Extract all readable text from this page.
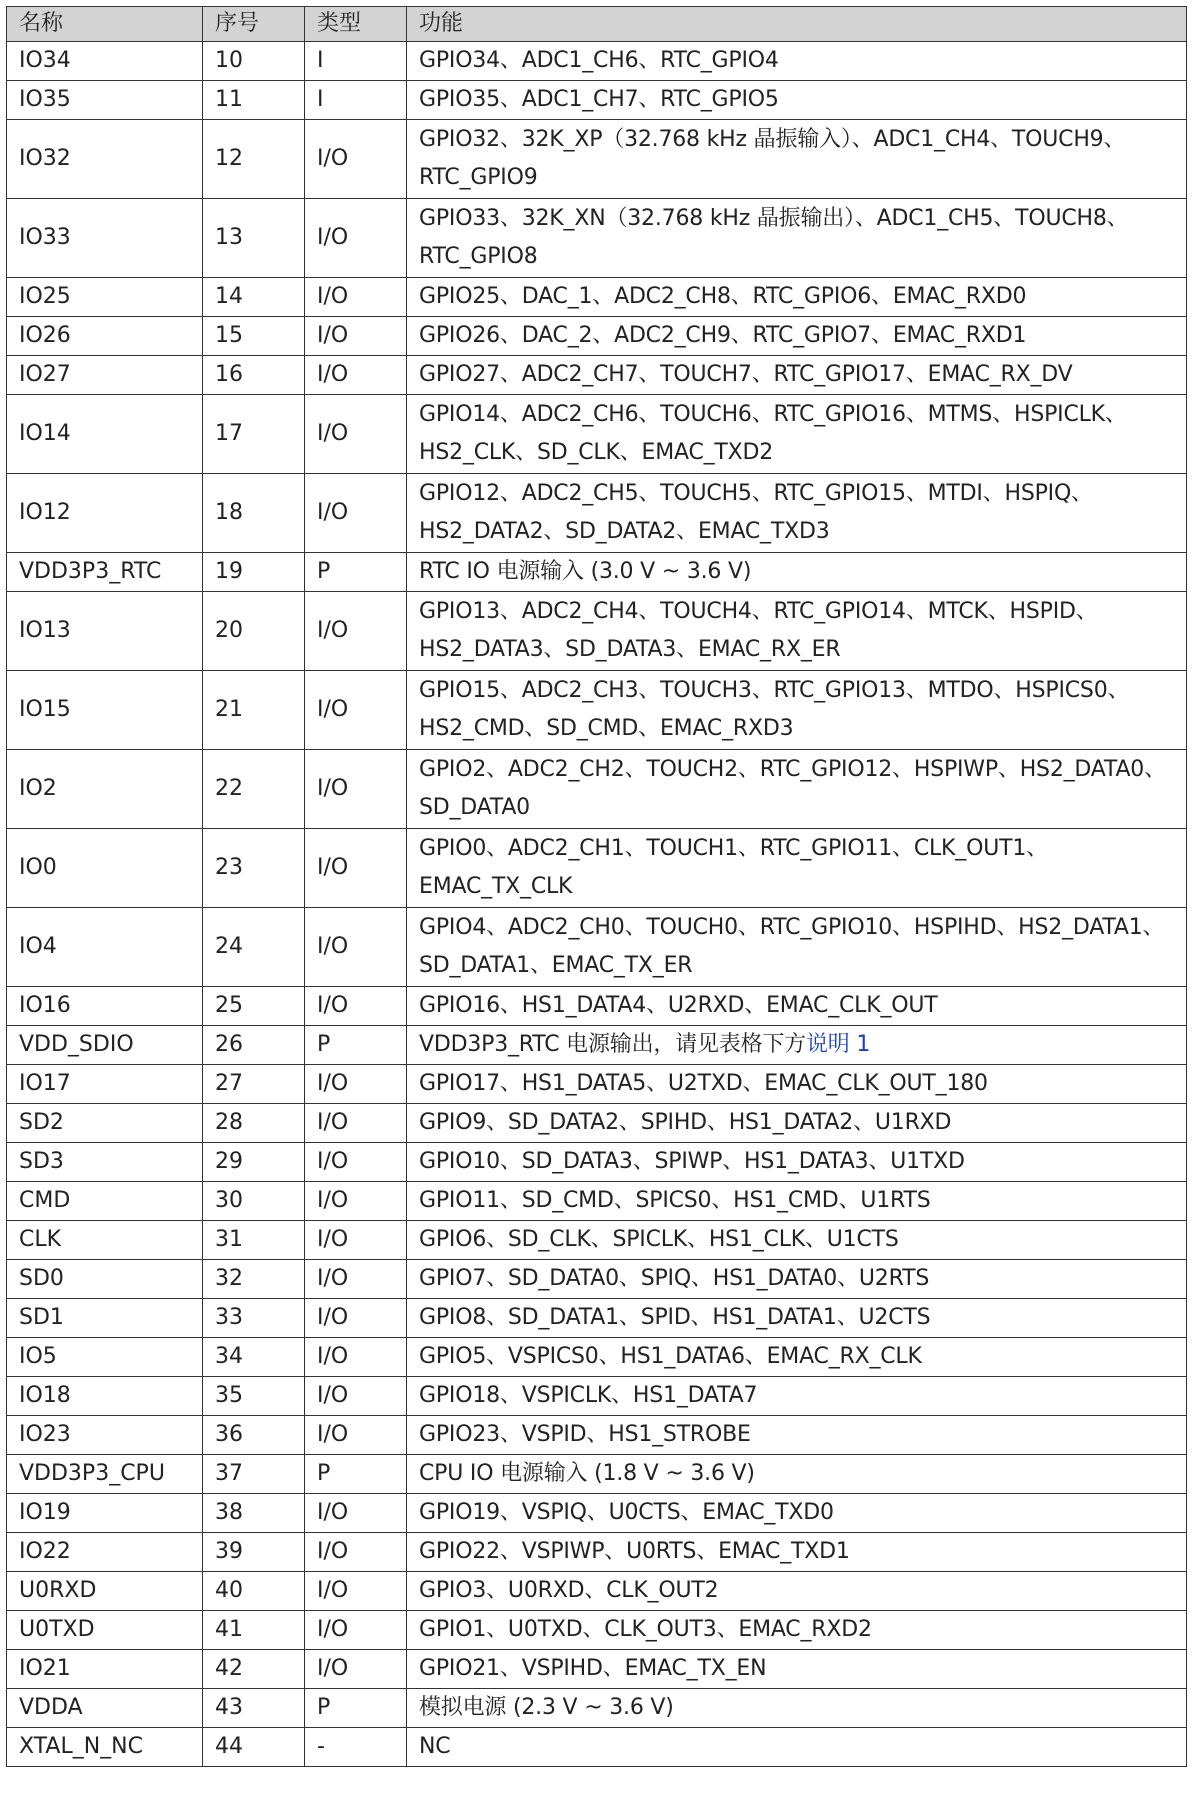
名称	序号	类型	功能
IO34	10	I	GPIO34、ADC1_CH6、RTC_GPIO4
IO35	11	I	GPIO35、ADC1_CH7、RTC_GPIO5
IO32	12	I/O	GPIO32、32K_XP（32.768 kHz 晶振输入）、ADC1_CH4、TOUCH9、RTC_GPIO9
IO33	13	I/O	GPIO33、32K_XN（32.768 kHz 晶振输出）、ADC1_CH5、TOUCH8、RTC_GPIO8
IO25	14	I/O	GPIO25、DAC_1、ADC2_CH8、RTC_GPIO6、EMAC_RXD0
IO26	15	I/O	GPIO26、DAC_2、ADC2_CH9、RTC_GPIO7、EMAC_RXD1
IO27	16	I/O	GPIO27、ADC2_CH7、TOUCH7、RTC_GPIO17、EMAC_RX_DV
IO14	17	I/O	GPIO14、ADC2_CH6、TOUCH6、RTC_GPIO16、MTMS、HSPICLK、HS2_CLK、SD_CLK、EMAC_TXD2
IO12	18	I/O	GPIO12、ADC2_CH5、TOUCH5、RTC_GPIO15、MTDI、HSPIQ、HS2_DATA2、SD_DATA2、EMAC_TXD3
VDD3P3_RTC	19	P	RTC IO 电源输入 (3.0 V ~ 3.6 V)
IO13	20	I/O	GPIO13、ADC2_CH4、TOUCH4、RTC_GPIO14、MTCK、HSPID、HS2_DATA3、SD_DATA3、EMAC_RX_ER
IO15	21	I/O	GPIO15、ADC2_CH3、TOUCH3、RTC_GPIO13、MTDO、HSPICS0、HS2_CMD、SD_CMD、EMAC_RXD3
IO2	22	I/O	GPIO2、ADC2_CH2、TOUCH2、RTC_GPIO12、HSPIWP、HS2_DATA0、SD_DATA0
IO0	23	I/O	GPIO0、ADC2_CH1、TOUCH1、RTC_GPIO11、CLK_OUT1、EMAC_TX_CLK
IO4	24	I/O	GPIO4、ADC2_CH0、TOUCH0、RTC_GPIO10、HSPIHD、HS2_DATA1、SD_DATA1、EMAC_TX_ER
IO16	25	I/O	GPIO16、HS1_DATA4、U2RXD、EMAC_CLK_OUT
VDD_SDIO	26	P	VDD3P3_RTC 电源输出，请见表格下方说明 1
IO17	27	I/O	GPIO17、HS1_DATA5、U2TXD、EMAC_CLK_OUT_180
SD2	28	I/O	GPIO9、SD_DATA2、SPIHD、HS1_DATA2、U1RXD
SD3	29	I/O	GPIO10、SD_DATA3、SPIWP、HS1_DATA3、U1TXD
CMD	30	I/O	GPIO11、SD_CMD、SPICS0、HS1_CMD、U1RTS
CLK	31	I/O	GPIO6、SD_CLK、SPICLK、HS1_CLK、U1CTS
SD0	32	I/O	GPIO7、SD_DATA0、SPIQ、HS1_DATA0、U2RTS
SD1	33	I/O	GPIO8、SD_DATA1、SPID、HS1_DATA1、U2CTS
IO5	34	I/O	GPIO5、VSPICS0、HS1_DATA6、EMAC_RX_CLK
IO18	35	I/O	GPIO18、VSPICLK、HS1_DATA7
IO23	36	I/O	GPIO23、VSPID、HS1_STROBE
VDD3P3_CPU	37	P	CPU IO 电源输入 (1.8 V ~ 3.6 V)
IO19	38	I/O	GPIO19、VSPIQ、U0CTS、EMAC_TXD0
IO22	39	I/O	GPIO22、VSPIWP、U0RTS、EMAC_TXD1
U0RXD	40	I/O	GPIO3、U0RXD、CLK_OUT2
U0TXD	41	I/O	GPIO1、U0TXD、CLK_OUT3、EMAC_RXD2
IO21	42	I/O	GPIO21、VSPIHD、EMAC_TX_EN
VDDA	43	P	模拟电源 (2.3 V ~ 3.6 V)
XTAL_N_NC	44	-	NC
